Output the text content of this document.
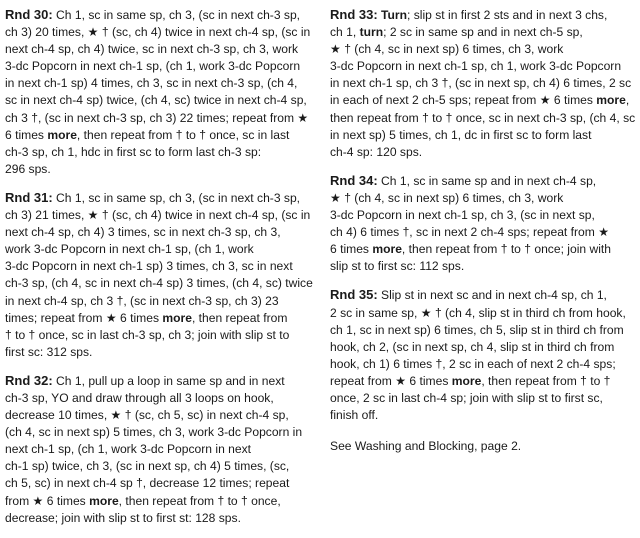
Rnd 30: Ch 1, sc in same sp, ch 3, (sc in next ch-3 sp,
ch 3) 20 times, ★ † (sc, ch 4) twice in next ch-4 sp, (sc in
next ch-4 sp, ch 4) twice, sc in next ch-3 sp, ch 3, work
3-dc Popcorn in next ch-1 sp, (ch 1, work 3-dc Popcorn
in next ch-1 sp) 4 times, ch 3, sc in next ch-3 sp, (ch 4,
sc in next ch-4 sp) twice, (ch 4, sc) twice in next ch-4 sp,
ch 3 †, (sc in next ch-3 sp, ch 3) 22 times; repeat from ★
6 times more, then repeat from † to † once, sc in last
ch-3 sp, ch 1, hdc in first sc to form last ch-3 sp:
296 sps.
Rnd 31: Ch 1, sc in same sp, ch 3, (sc in next ch-3 sp,
ch 3) 21 times, ★ † (sc, ch 4) twice in next ch-4 sp, (sc in
next ch-4 sp, ch 4) 3 times, sc in next ch-3 sp, ch 3,
work 3-dc Popcorn in next ch-1 sp, (ch 1, work
3-dc Popcorn in next ch-1 sp) 3 times, ch 3, sc in next
ch-3 sp, (ch 4, sc in next ch-4 sp) 3 times, (ch 4, sc) twice
in next ch-4 sp, ch 3 †, (sc in next ch-3 sp, ch 3) 23
times; repeat from ★ 6 times more, then repeat from
† to † once, sc in last ch-3 sp, ch 3; join with slip st to
first sc: 312 sps.
Rnd 32: Ch 1, pull up a loop in same sp and in next
ch-3 sp, YO and draw through all 3 loops on hook,
decrease 10 times, ★ † (sc, ch 5, sc) in next ch-4 sp,
(ch 4, sc in next sp) 5 times, ch 3, work 3-dc Popcorn in
next ch-1 sp, (ch 1, work 3-dc Popcorn in next
ch-1 sp) twice, ch 3, (sc in next sp, ch 4) 5 times, (sc,
ch 5, sc) in next ch-4 sp †, decrease 12 times; repeat
from ★ 6 times more, then repeat from † to † once,
decrease; join with slip st to first st: 128 sps.
Rnd 33: Turn; slip st in first 2 sts and in next 3 chs,
ch 1, turn; 2 sc in same sp and in next ch-5 sp,
★ † (ch 4, sc in next sp) 6 times, ch 3, work
3-dc Popcorn in next ch-1 sp, ch 1, work 3-dc Popcorn
in next ch-1 sp, ch 3 †, (sc in next sp, ch 4) 6 times, 2 sc
in each of next 2 ch-5 sps; repeat from ★ 6 times more,
then repeat from † to † once, sc in next ch-3 sp, (ch 4, sc
in next sp) 5 times, ch 1, dc in first sc to form last
ch-4 sp: 120 sps.
Rnd 34: Ch 1, sc in same sp and in next ch-4 sp,
★ † (ch 4, sc in next sp) 6 times, ch 3, work
3-dc Popcorn in next ch-1 sp, ch 3, (sc in next sp,
ch 4) 6 times †, sc in next 2 ch-4 sps; repeat from ★
6 times more, then repeat from † to † once; join with
slip st to first sc: 112 sps.
Rnd 35: Slip st in next sc and in next ch-4 sp, ch 1,
2 sc in same sp, ★ † (ch 4, slip st in third ch from hook,
ch 1, sc in next sp) 6 times, ch 5, slip st in third ch from
hook, ch 2, (sc in next sp, ch 4, slip st in third ch from
hook, ch 1) 6 times †, 2 sc in each of next 2 ch-4 sps;
repeat from ★ 6 times more, then repeat from † to †
once, 2 sc in last ch-4 sp; join with slip st to first sc,
finish off.
See Washing and Blocking, page 2.
